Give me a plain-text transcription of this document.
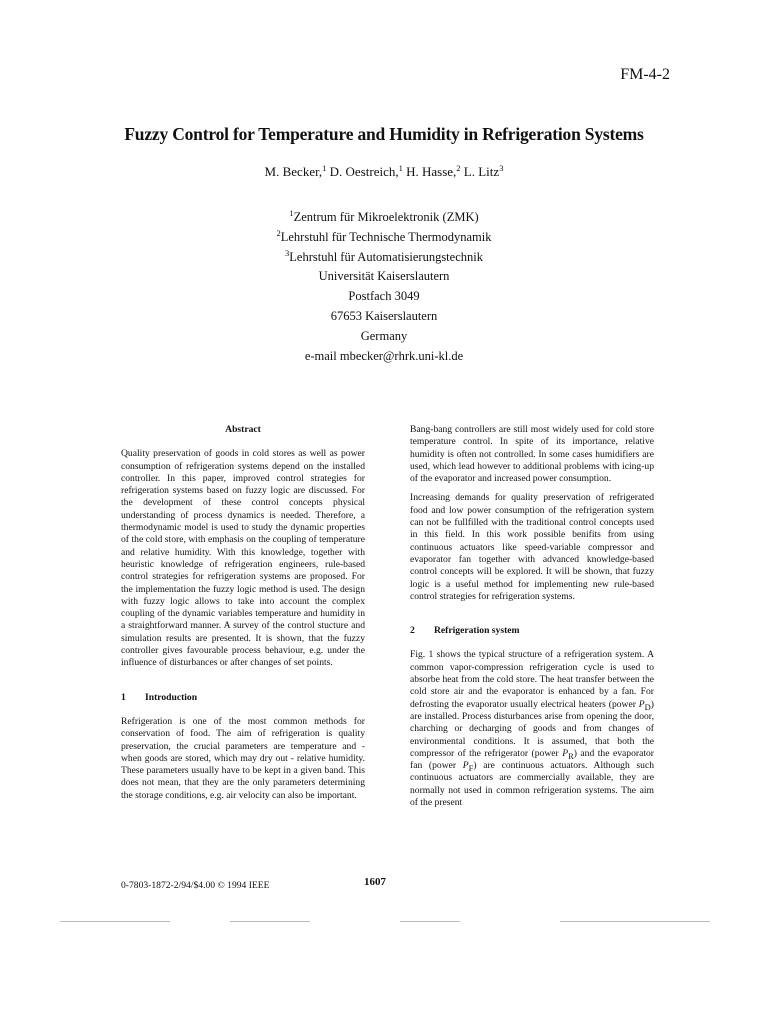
FM-4-2
Fuzzy Control for Temperature and Humidity in Refrigeration Systems
M. Becker,$^1$ D. Oestreich,$^1$ H. Hasse,$^2$ L. Litz$^3$
$^1$Zentrum für Mikroelektronik (ZMK)
$^2$Lehrstuhl für Technische Thermodynamik
$^3$Lehrstuhl für Automatisierungstechnik
Universität Kaiserslautern
Postfach 3049
67653 Kaiserslautern
Germany
e-mail mbecker@rhrk.uni-kl.de
Abstract

Quality preservation of goods in cold stores as well as power consumption of refrigeration systems depend on the installed controller. In this paper, improved control strategies for refrigeration systems based on fuzzy logic are discussed. For the development of these control concepts physical understanding of process dynamics is needed. Therefore, a thermodynamic model is used to study the dynamic properties of the cold store, with emphasis on the coupling of temperature and relative humidity. With this knowledge, together with heuristic knowledge of refrigeration engineers, rule-based control strategies for refrigeration systems are proposed. For the implementation the fuzzy logic method is used. The design with fuzzy logic allows to take into account the complex coupling of the dynamic variables temperature and humidity in a straightforward manner. A survey of the control stucture and simulation results are presented. It is shown, that the fuzzy controller gives favourable process behaviour, e.g. under the influence of disturbances or after changes of set points.

1	Introduction

Refrigeration is one of the most common methods for conservation of food. The aim of refrigeration is quality preservation, the crucial parameters are temperature and - when goods are stored, which may dry out - relative humidity. These parameters usually have to be kept in a given band. This does not mean, that they are the only parameters determining the storage conditions, e.g. air velocity can also be important.

Bang-bang controllers are still most widely used for cold store temperature control. In spite of its importance, relative humidity is often not controlled. In some cases humidifiers are used, which lead however to additional problems with icing-up of the evaporator and increased power consumption.

Increasing demands for quality preservation of refrigerated food and low power consumption of the refrigeration system can not be fullfilled with the traditional control concepts used in this field. In this work possible benifits from using continuous actuators like speed-variable compressor and evaporator fan together with advanced knowledge-based control concepts will be explored. It will be shown, that fuzzy logic is a useful method for implementing new rule-based control strategies for refrigeration systems.

2	Refrigeration system

Fig. 1 shows the typical structure of a refrigeration system. A common vapor-compression refrigeration cycle is used to absorbe heat from the cold store. The heat transfer between the cold store air and the evaporator is enhanced by a fan. For defrosting the evaporator usually electrical heaters (power $P_D$) are installed. Process disturbances arise from opening the door, charching or decharging of goods and from changes of environmental conditions. It is assumed, that both the compressor of the refrigerator (power $P_R$) and the evaporator fan (power $P_F$) are continuous actuators. Although such continuous actuators are commercially available, they are normally not used in common refrigeration systems. The aim of the present

0-7803-1872-2/94/$4.00 © 1994 IEEE	1607
